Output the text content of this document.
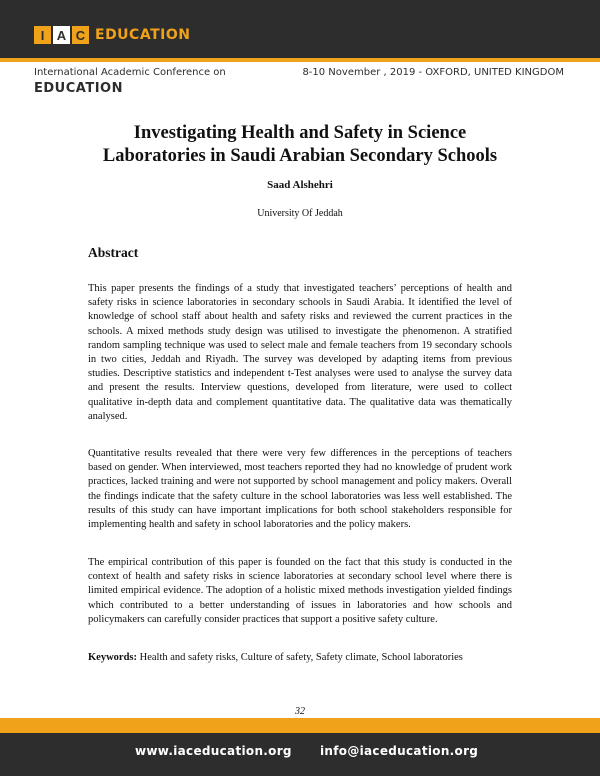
I A C EDUCATION
International Academic Conference on
EDUCATION
8-10 November , 2019 - OXFORD, UNITED KINGDOM
Investigating Health and Safety in Science
Laboratories in Saudi Arabian Secondary Schools
Saad Alshehri
University Of Jeddah
Abstract

This paper presents the findings of a study that investigated teachers’ perceptions of health and safety risks in science laboratories in secondary schools in Saudi Arabia. It identified the level of knowledge of school staff about health and safety risks and reviewed the current practices in the schools. A mixed methods study design was utilised to investigate the phenomenon. A stratified random sampling technique was used to select male and female teachers from 19 secondary schools in two cities, Jeddah and Riyadh. The survey was developed by adapting items from previous studies. Descriptive statistics and independent t-Test analyses were used to analyse the survey data and present the results. Interview questions, developed from literature, were used to collect qualitative in-depth data and complement quantitative data. The qualitative data was thematically analysed.

Quantitative results revealed that there were very few differences in the perceptions of teachers based on gender. When interviewed, most teachers reported they had no knowledge of prudent work practices, lacked training and were not supported by school management and policy makers. Overall the findings indicate that the safety culture in the school laboratories was less well established. The results of this study can have important implications for both school stakeholders responsible for implementing health and safety in school laboratories and the policy makers.

The empirical contribution of this paper is founded on the fact that this study is conducted in the context of health and safety risks in science laboratories at secondary school level where there is limited empirical evidence. The adoption of a holistic mixed methods investigation yielded findings which contributed to a better understanding of issues in laboratories and how schools and policymakers can carefully consider practices that support a positive safety culture.

Keywords: Health and safety risks, Culture of safety, Safety climate, School laboratories

32
www.iaceducation.org info@iaceducation.org
